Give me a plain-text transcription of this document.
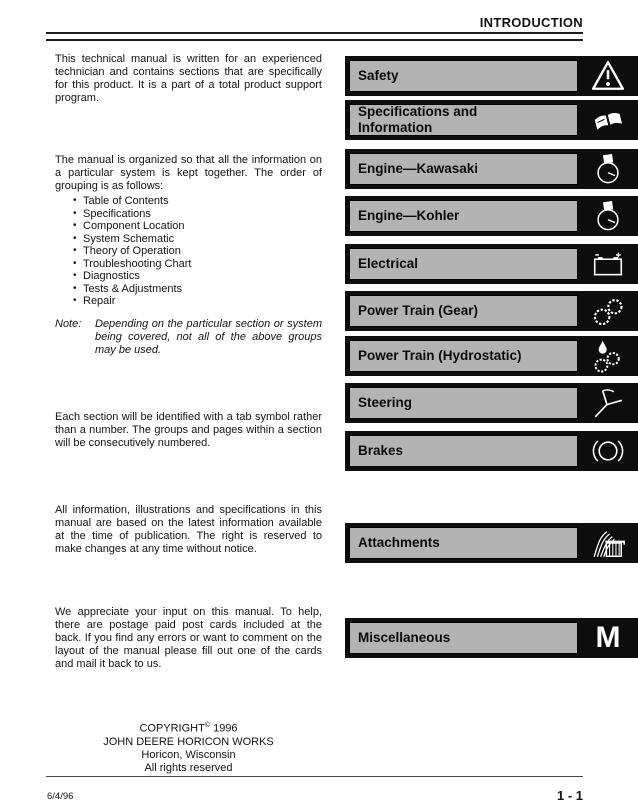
INTRODUCTION

This technical manual is written for an experienced technician and contains sections that are specifically for this product. It is a part of a total product support program.

The manual is organized so that all the information on a particular system is kept together. The order of grouping is as follows:

• Table of Contents
• Specifications
• Component Location
• System Schematic
• Theory of Operation
• Troubleshooting Chart
• Diagnostics
• Tests & Adjustments
• Repair
Note: Depending on the particular section or system being covered, not all of the above groups may be used.

Each section will be identified with a tab symbol rather than a number. The groups and pages within a section will be consecutively numbered.

All information, illustrations and specifications in this manual are based on the latest information available at the time of publication. The right is reserved to make changes at any time without notice.

We appreciate your input on this manual. To help, there are postage paid post cards included at the back. If you find any errors or want to comment on the layout of the manual please fill out one of the cards and mail it back to us.

COPYRIGHT© 1996
JOHN DEERE HORICON WORKS
Horicon, Wisconsin
All rights reserved
Safety
Specifications and Information
Engine—Kawasaki
Engine—Kohler
Electrical
Power Train (Gear)
Power Train (Hydrostatic)
Steering
Brakes
Attachments
Miscellaneous	M
6/4/96	1 - 1
